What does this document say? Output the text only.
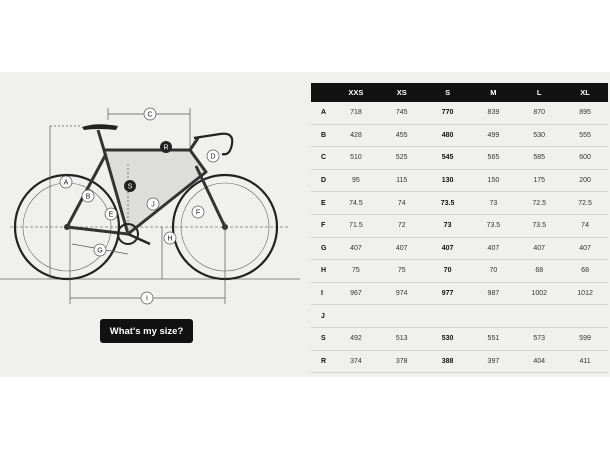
C
R
D
S
A
B
J
E	F
H
G
I
What's my size?
	XXS	XS	S	M	L	XL
A	718	745	770	839	870	895
B	428	455	480	499	530	555
C	510	525	545	565	585	600
D	95	115	130	150	175	200
E	74.5	74	73.5	73	72.5	72.5
F	71.5	72	73	73.5	73.5	74
G	407	407	407	407	407	407
H	75	75	70	70	68	68
I	967	974	977	987	1002	1012
J						
S	492	513	530	551	573	599
R	374	378	388	397	404	411
